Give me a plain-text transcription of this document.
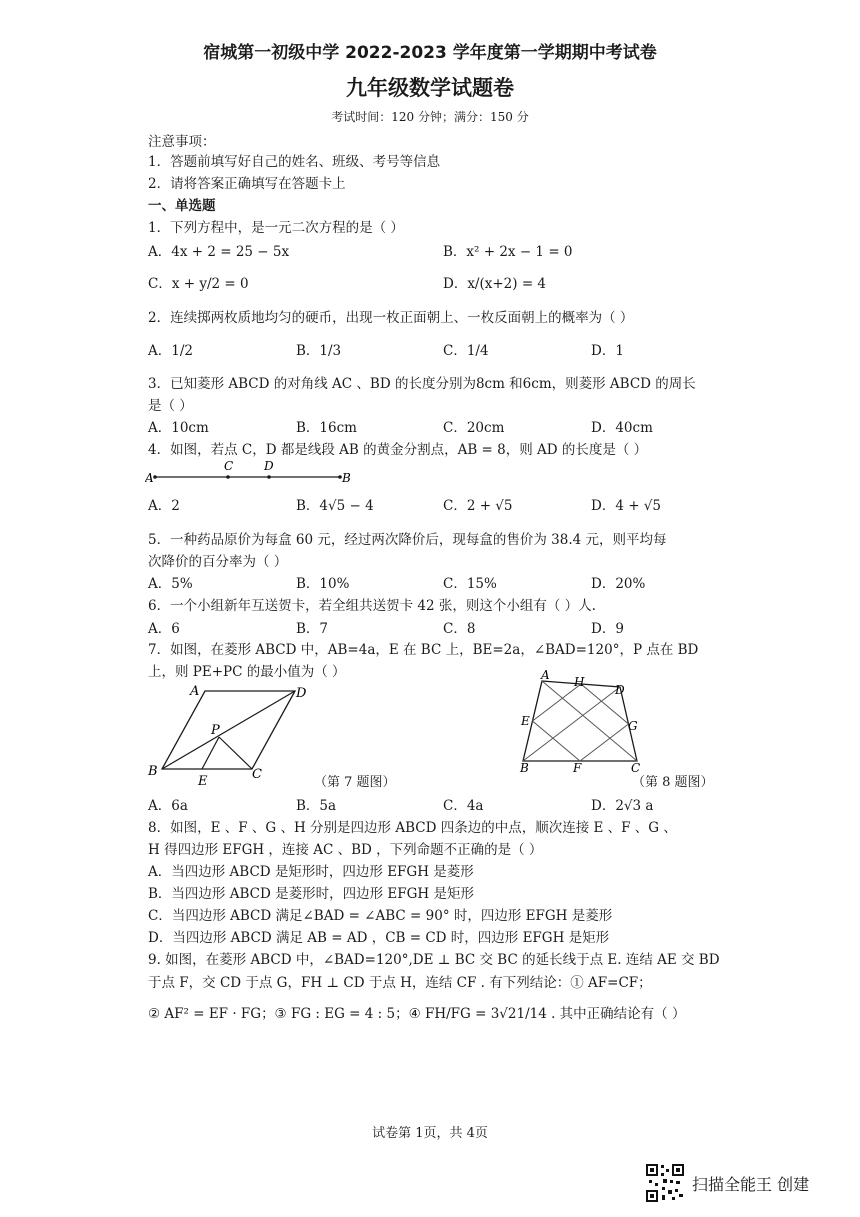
宿城第一初级中学 2022-2023 学年度第一学期期中考试卷
九年级数学试题卷
考试时间：120 分钟；满分：150 分
注意事项：
1．答题前填写好自己的姓名、班级、考号等信息
2．请将答案正确填写在答题卡上
一、单选题
1．下列方程中，是一元二次方程的是（ ）
A．4x + 2 = 25 − 5x	B．x² + 2x − 1 = 0
C．x + y/2 = 0	D．x/(x+2) = 4
2．连续掷两枚质地均匀的硬币，出现一枚正面朝上、一枚反面朝上的概率为（ ）
A．1/2	B．1/3	C．1/4	D．1
3．已知菱形 ABCD 的对角线 AC 、BD 的长度分别为8cm 和6cm，则菱形 ABCD 的周长
是（ ）
A．10cm	B．16cm	C．20cm	D．40cm
4．如图，若点 C，D 都是线段 AB 的黄金分割点，AB = 8，则 AD 的长度是（ ）
A
C	D
B
A．2	B．4√5 − 4	C．2 + √5	D．4 + √5
5．一种药品原价为每盒 60 元，经过两次降价后，现每盒的售价为 38.4 元，则平均每
次降价的百分率为（ ）
A．5%	B．10%	C．15%	D．20%
6．一个小组新年互送贺卡，若全组共送贺卡 42 张，则这个小组有（ ）人.
A．6	B．7	C．8	D．9
7．如图，在菱形 ABCD 中，AB=4a，E 在 BC 上，BE=2a，∠BAD=120°，P 点在 BD
上，则 PE+PC 的最小值为（ ）
A	D
P
B
E	C
（第 7 题图）
A H
D
E	G
B	F	C
（第 8 题图）
A．6a	B．5a	C．4a	D．2√3 a
8．如图，E 、F 、G 、H 分别是四边形 ABCD 四条边的中点，顺次连接 E 、F 、G 、
H 得四边形 EFGH ，连接 AC 、BD ，下列命题不正确的是（ ）
A．当四边形 ABCD 是矩形时，四边形 EFGH 是菱形
B．当四边形 ABCD 是菱形时，四边形 EFGH 是矩形
C．当四边形 ABCD 满足∠BAD = ∠ABC = 90° 时，四边形 EFGH 是菱形
D．当四边形 ABCD 满足 AB = AD ，CB = CD 时，四边形 EFGH 是矩形
9. 如图，在菱形 ABCD 中，∠BAD=120°,DE ⊥ BC 交 BC 的延长线于点 E. 连结 AE 交 BD
于点 F，交 CD 于点 G，FH ⊥ CD 于点 H，连结 CF . 有下列结论：① AF=CF；
② AF² = EF · FG；③ FG : EG = 4 : 5；④ FH/FG = 3√21/14 . 其中正确结论有（ ）
试卷第 1页，共 4页
扫描全能王 创建
